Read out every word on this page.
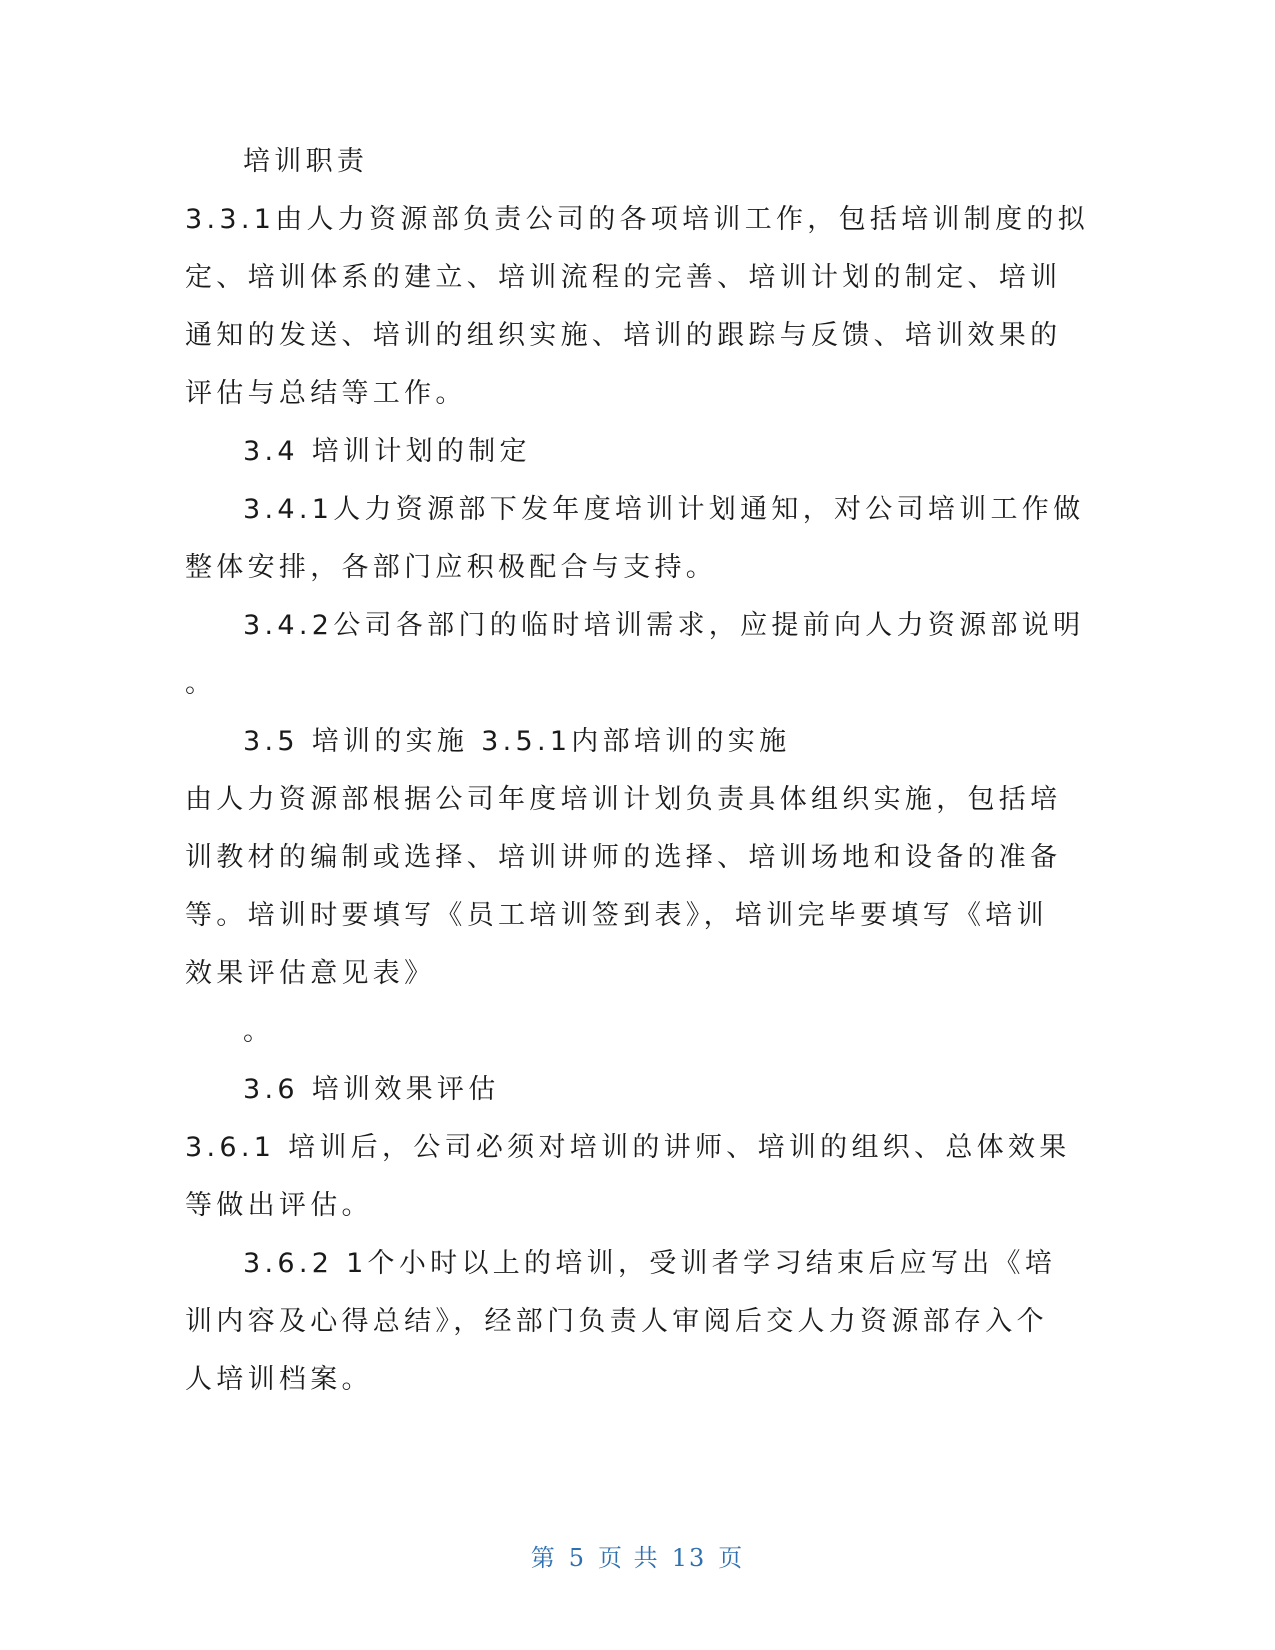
培训职责
3.3.1由人力资源部负责公司的各项培训工作，包括培训制度的拟
定、培训体系的建立、培训流程的完善、培训计划的制定、培训
通知的发送、培训的组织实施、培训的跟踪与反馈、培训效果的
评估与总结等工作。
3.4 培训计划的制定
3.4.1人力资源部下发年度培训计划通知，对公司培训工作做
整体安排，各部门应积极配合与支持。
3.4.2公司各部门的临时培训需求，应提前向人力资源部说明
。
3.5 培训的实施 3.5.1内部培训的实施
由人力资源部根据公司年度培训计划负责具体组织实施，包括培
训教材的编制或选择、培训讲师的选择、培训场地和设备的准备
等。培训时要填写《员工培训签到表》，培训完毕要填写《培训
效果评估意见表》
。
3.6 培训效果评估
3.6.1 培训后，公司必须对培训的讲师、培训的组织、总体效果
等做出评估。
3.6.2 1个小时以上的培训，受训者学习结束后应写出《培
训内容及心得总结》，经部门负责人审阅后交人力资源部存入个
人培训档案。
第 5 页 共 13 页
